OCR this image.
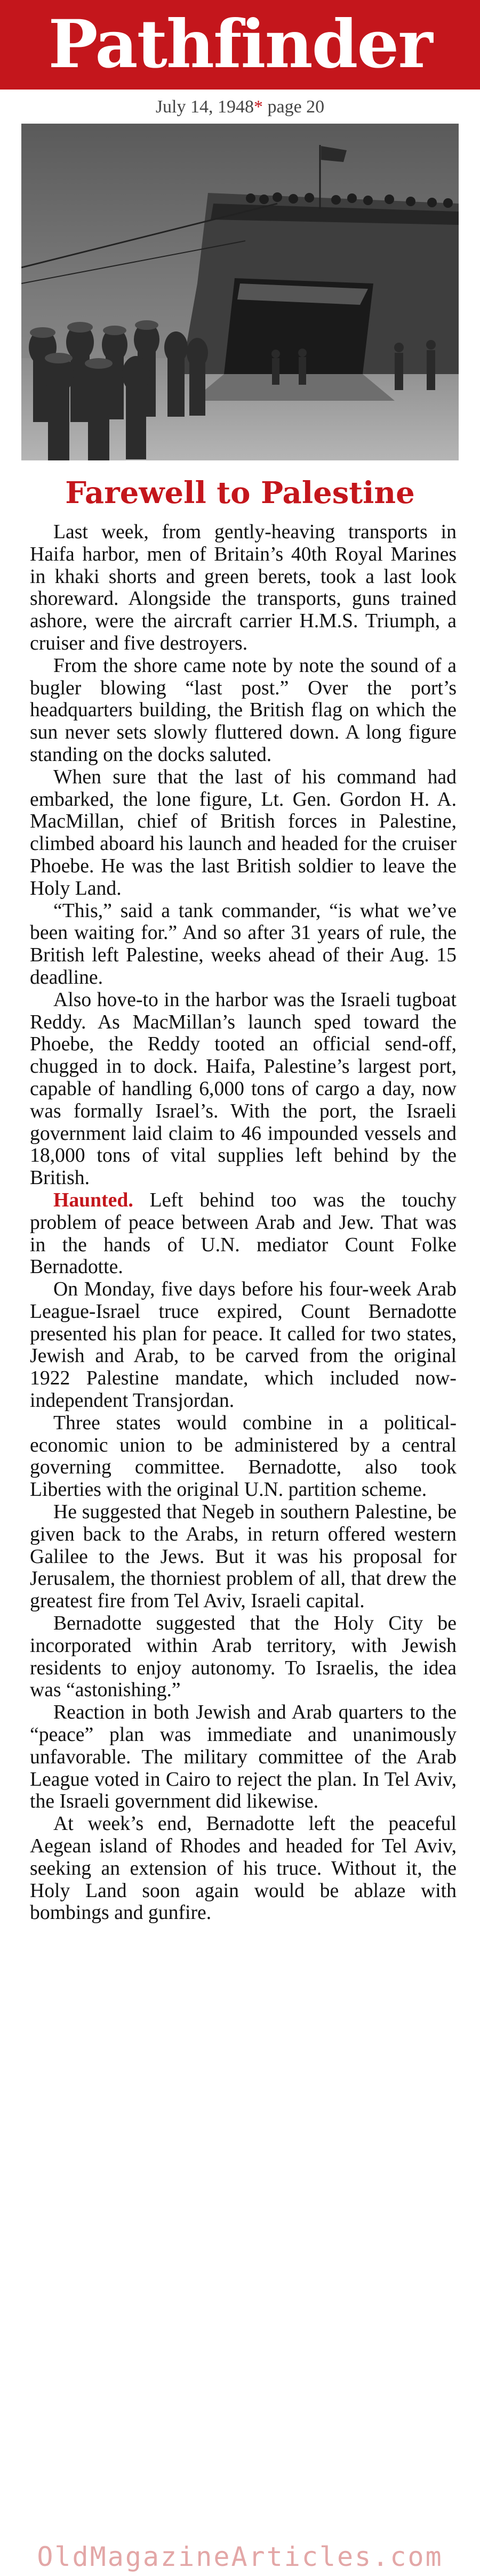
Pathfinder
July 14, 1948* page 20
Farewell to Palestine

Last week, from gently-heaving transports in Haifa harbor, men of Britain’s 40th Royal Marines in khaki shorts and green berets, took a last look shoreward. Alongside the transports, guns trained ashore, were the aircraft carrier H.M.S. Triumph, a cruiser and five destroyers.

From the shore came note by note the sound of a bugler blowing “last post.” Over the port’s headquarters building, the British flag on which the sun never sets slowly fluttered down. A long figure standing on the docks saluted.

When sure that the last of his command had embarked, the lone figure, Lt. Gen. Gordon H. A. MacMillan, chief of British forces in Palestine, climbed aboard his launch and headed for the cruiser Phoebe. He was the last British soldier to leave the Holy Land.

“This,” said a tank commander, “is what we’ve been waiting for.” And so after 31 years of rule, the British left Palestine, weeks ahead of their Aug. 15 deadline.

Also hove-to in the harbor was the Israeli tugboat Reddy. As MacMillan’s launch sped toward the Phoebe, the Reddy tooted an official send-off, chugged in to dock. Haifa, Palestine’s largest port, capable of handling 6,000 tons of cargo a day, now was formally Israel’s. With the port, the Israeli government laid claim to 46 impounded vessels and 18,000 tons of vital supplies left behind by the British.

Haunted. Left behind too was the touchy problem of peace between Arab and Jew. That was in the hands of U.N. mediator Count Folke Bernadotte.

On Monday, five days before his four-week Arab League-Israel truce expired, Count Bernadotte presented his plan for peace. It called for two states, Jewish and Arab, to be carved from the original 1922 Palestine mandate, which included now-independent Transjordan.

Three states would combine in a political-economic union to be administered by a central governing committee. Bernadotte, also took Liberties with the original U.N. partition scheme.

He suggested that Negeb in southern Palestine, be given back to the Arabs, in return offered western Galilee to the Jews. But it was his proposal for Jerusalem, the thorniest problem of all, that drew the greatest fire from Tel Aviv, Israeli capital.

Bernadotte suggested that the Holy City be incorporated within Arab territory, with Jewish residents to enjoy autonomy. To Israelis, the idea was “astonishing.”

Reaction in both Jewish and Arab quarters to the “peace” plan was immediate and unanimously unfavorable. The military committee of the Arab League voted in Cairo to reject the plan. In Tel Aviv, the Israeli government did likewise.

At week’s end, Bernadotte left the peaceful Aegean island of Rhodes and headed for Tel Aviv, seeking an extension of his truce. Without it, the Holy Land soon again would be ablaze with bombings and gunfire.

OldMagazineArticles.com
